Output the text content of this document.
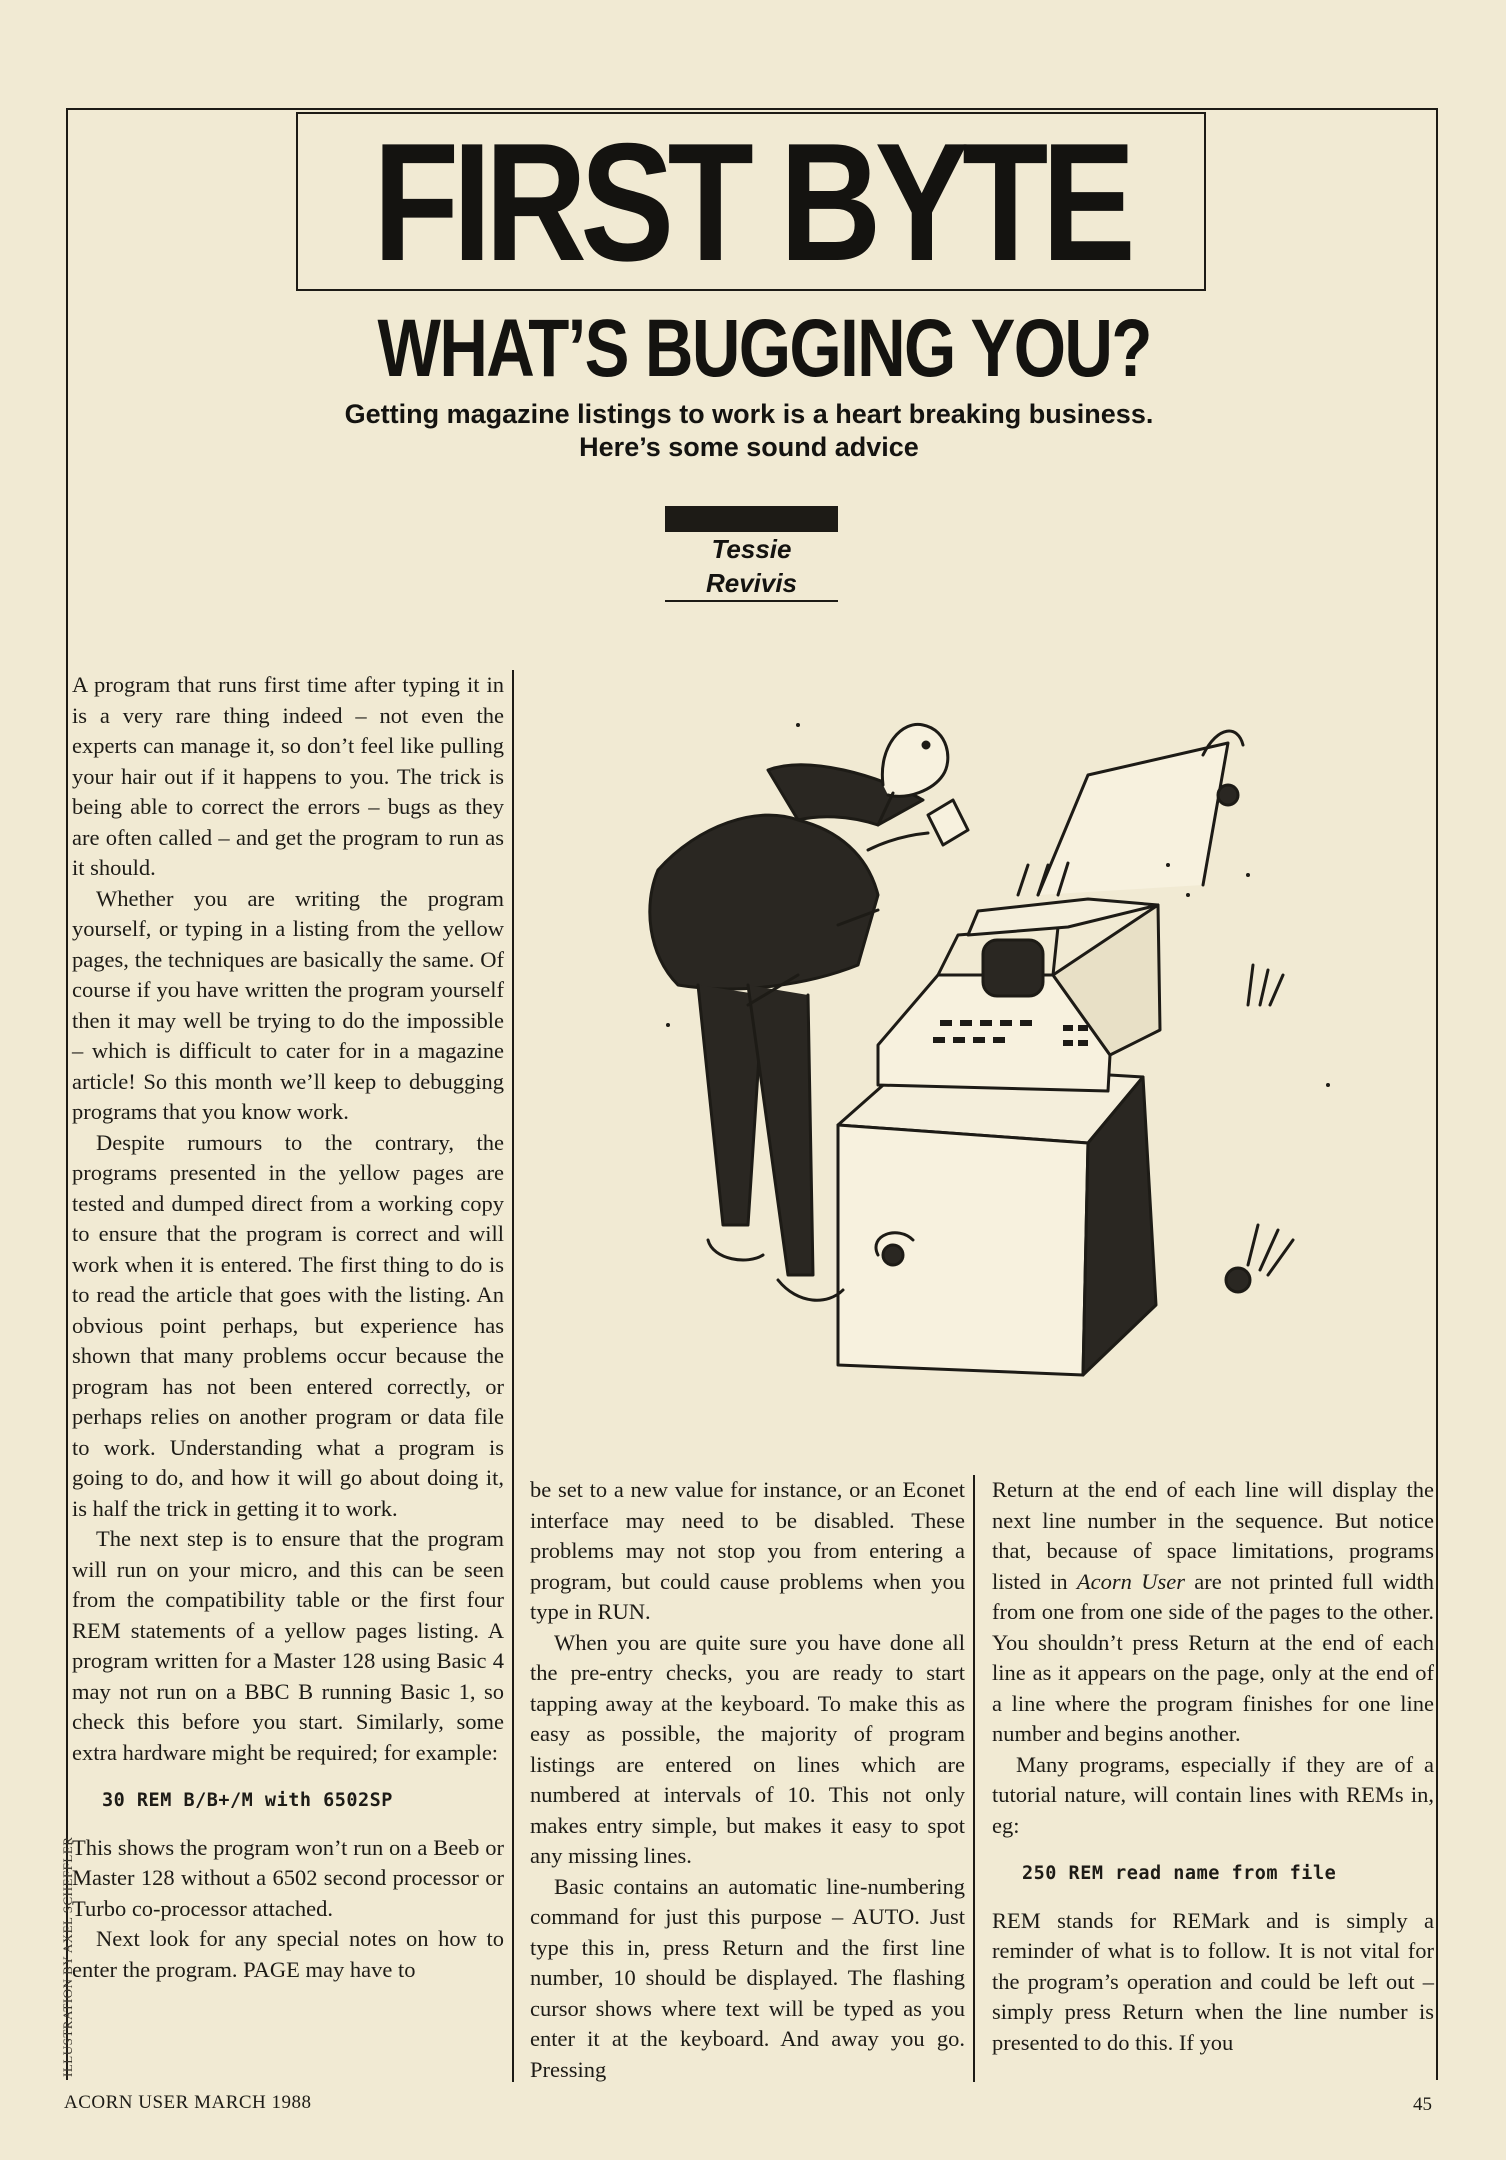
FIRST BYTE
WHAT’S BUGGING YOU?
Getting magazine listings to work is a heart breaking business.
Here’s some sound advice
Tessie Revivis

A program that runs first time after typing it in is a very rare thing indeed – not even the experts can manage it, so don’t feel like pulling your hair out if it happens to you. The trick is being able to correct the errors – bugs as they are often called – and get the program to run as it should.

Whether you are writing the program yourself, or typing in a listing from the yellow pages, the techniques are basically the same. Of course if you have written the program yourself then it may well be trying to do the impossible – which is difficult to cater for in a magazine article! So this month we’ll keep to debugging programs that you know work.

Despite rumours to the contrary, the programs presented in the yellow pages are tested and dumped direct from a working copy to ensure that the program is correct and will work when it is entered. The first thing to do is to read the article that goes with the listing. An obvious point perhaps, but experience has shown that many problems occur because the program has not been entered correctly, or perhaps relies on another program or data file to work. Understanding what a program is going to do, and how it will go about doing it, is half the trick in getting it to work.

The next step is to ensure that the program will run on your micro, and this can be seen from the compatibility table or the first four REM statements of a yellow pages listing. A program written for a Master 128 using Basic 4 may not run on a BBC B running Basic 1, so check this before you start. Similarly, some extra hardware might be required; for example:

30 REM B/B+/M with 6502SP

This shows the program won’t run on a Beeb or Master 128 without a 6502 second processor or Turbo co-processor attached.

Next look for any special notes on how to enter the program. PAGE may have to

be set to a new value for instance, or an Econet interface may need to be disabled. These problems may not stop you from entering a program, but could cause problems when you type in RUN.

When you are quite sure you have done all the pre-entry checks, you are ready to start tapping away at the keyboard. To make this as easy as possible, the majority of program listings are entered on lines which are numbered at intervals of 10. This not only makes entry simple, but makes it easy to spot any missing lines.

Basic contains an automatic line-numbering command for just this purpose – AUTO. Just type this in, press Return and the first line number, 10 should be displayed. The flashing cursor shows where text will be typed as you enter it at the keyboard. And away you go. Pressing

Return at the end of each line will display the next line number in the sequence. But notice that, because of space limitations, programs listed in Acorn User are not printed full width from one from one side of the pages to the other. You shouldn’t press Return at the end of each line as it appears on the page, only at the end of a line where the program finishes for one line number and begins another.

Many programs, especially if they are of a tutorial nature, will contain lines with REMs in, eg:

250 REM read name from file

REM stands for REMark and is simply a reminder of what is to follow. It is not vital for the program’s operation and could be left out – simply press Return when the line number is presented to do this. If you

ILLUSTRATION BY AXEL SCHEFFLER
ACORN USER MARCH 1988	45
